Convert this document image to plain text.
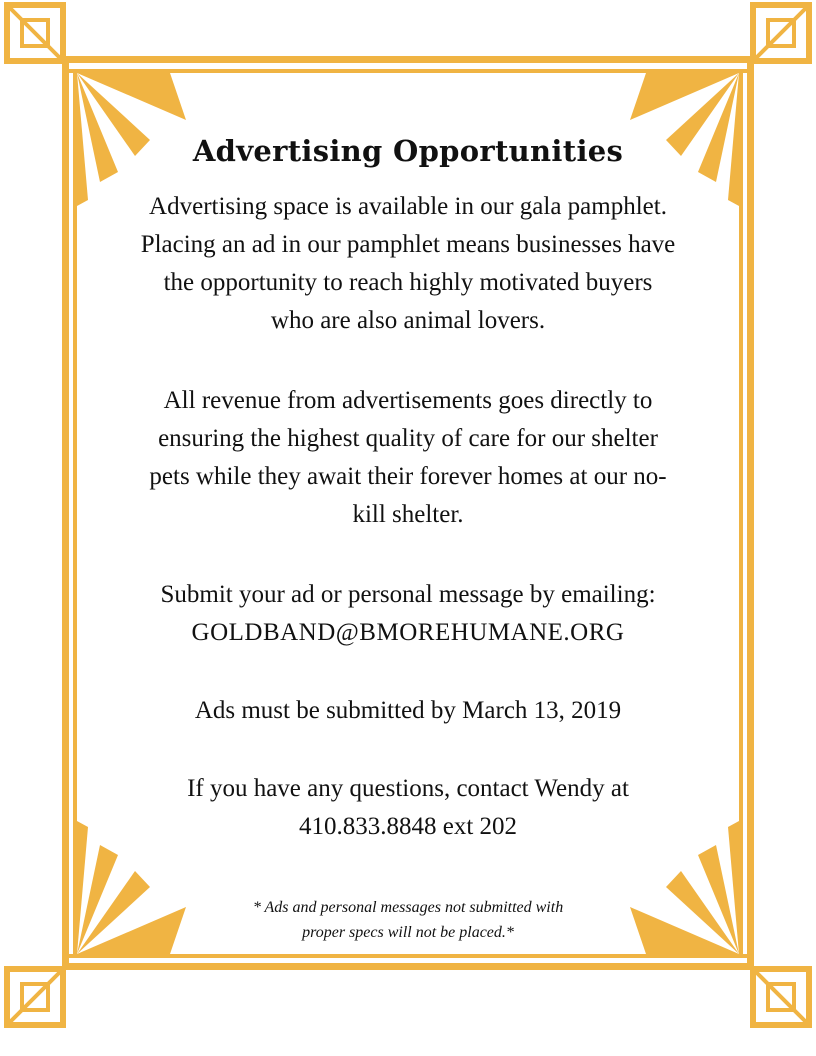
Advertising Opportunities

Advertising space is available in our gala pamphlet.
Placing an ad in our pamphlet means businesses have
the opportunity to reach highly motivated buyers
who are also animal lovers.

All revenue from advertisements goes directly to
ensuring the highest quality of care for our shelter
pets while they await their forever homes at our no-
kill shelter.

Submit your ad or personal message by emailing:
GOLDBAND@BMOREHUMANE.ORG

Ads must be submitted by March 13, 2019

If you have any questions, contact Wendy at
410.833.8848 ext 202

* Ads and personal messages not submitted with
proper specs will not be placed.*
